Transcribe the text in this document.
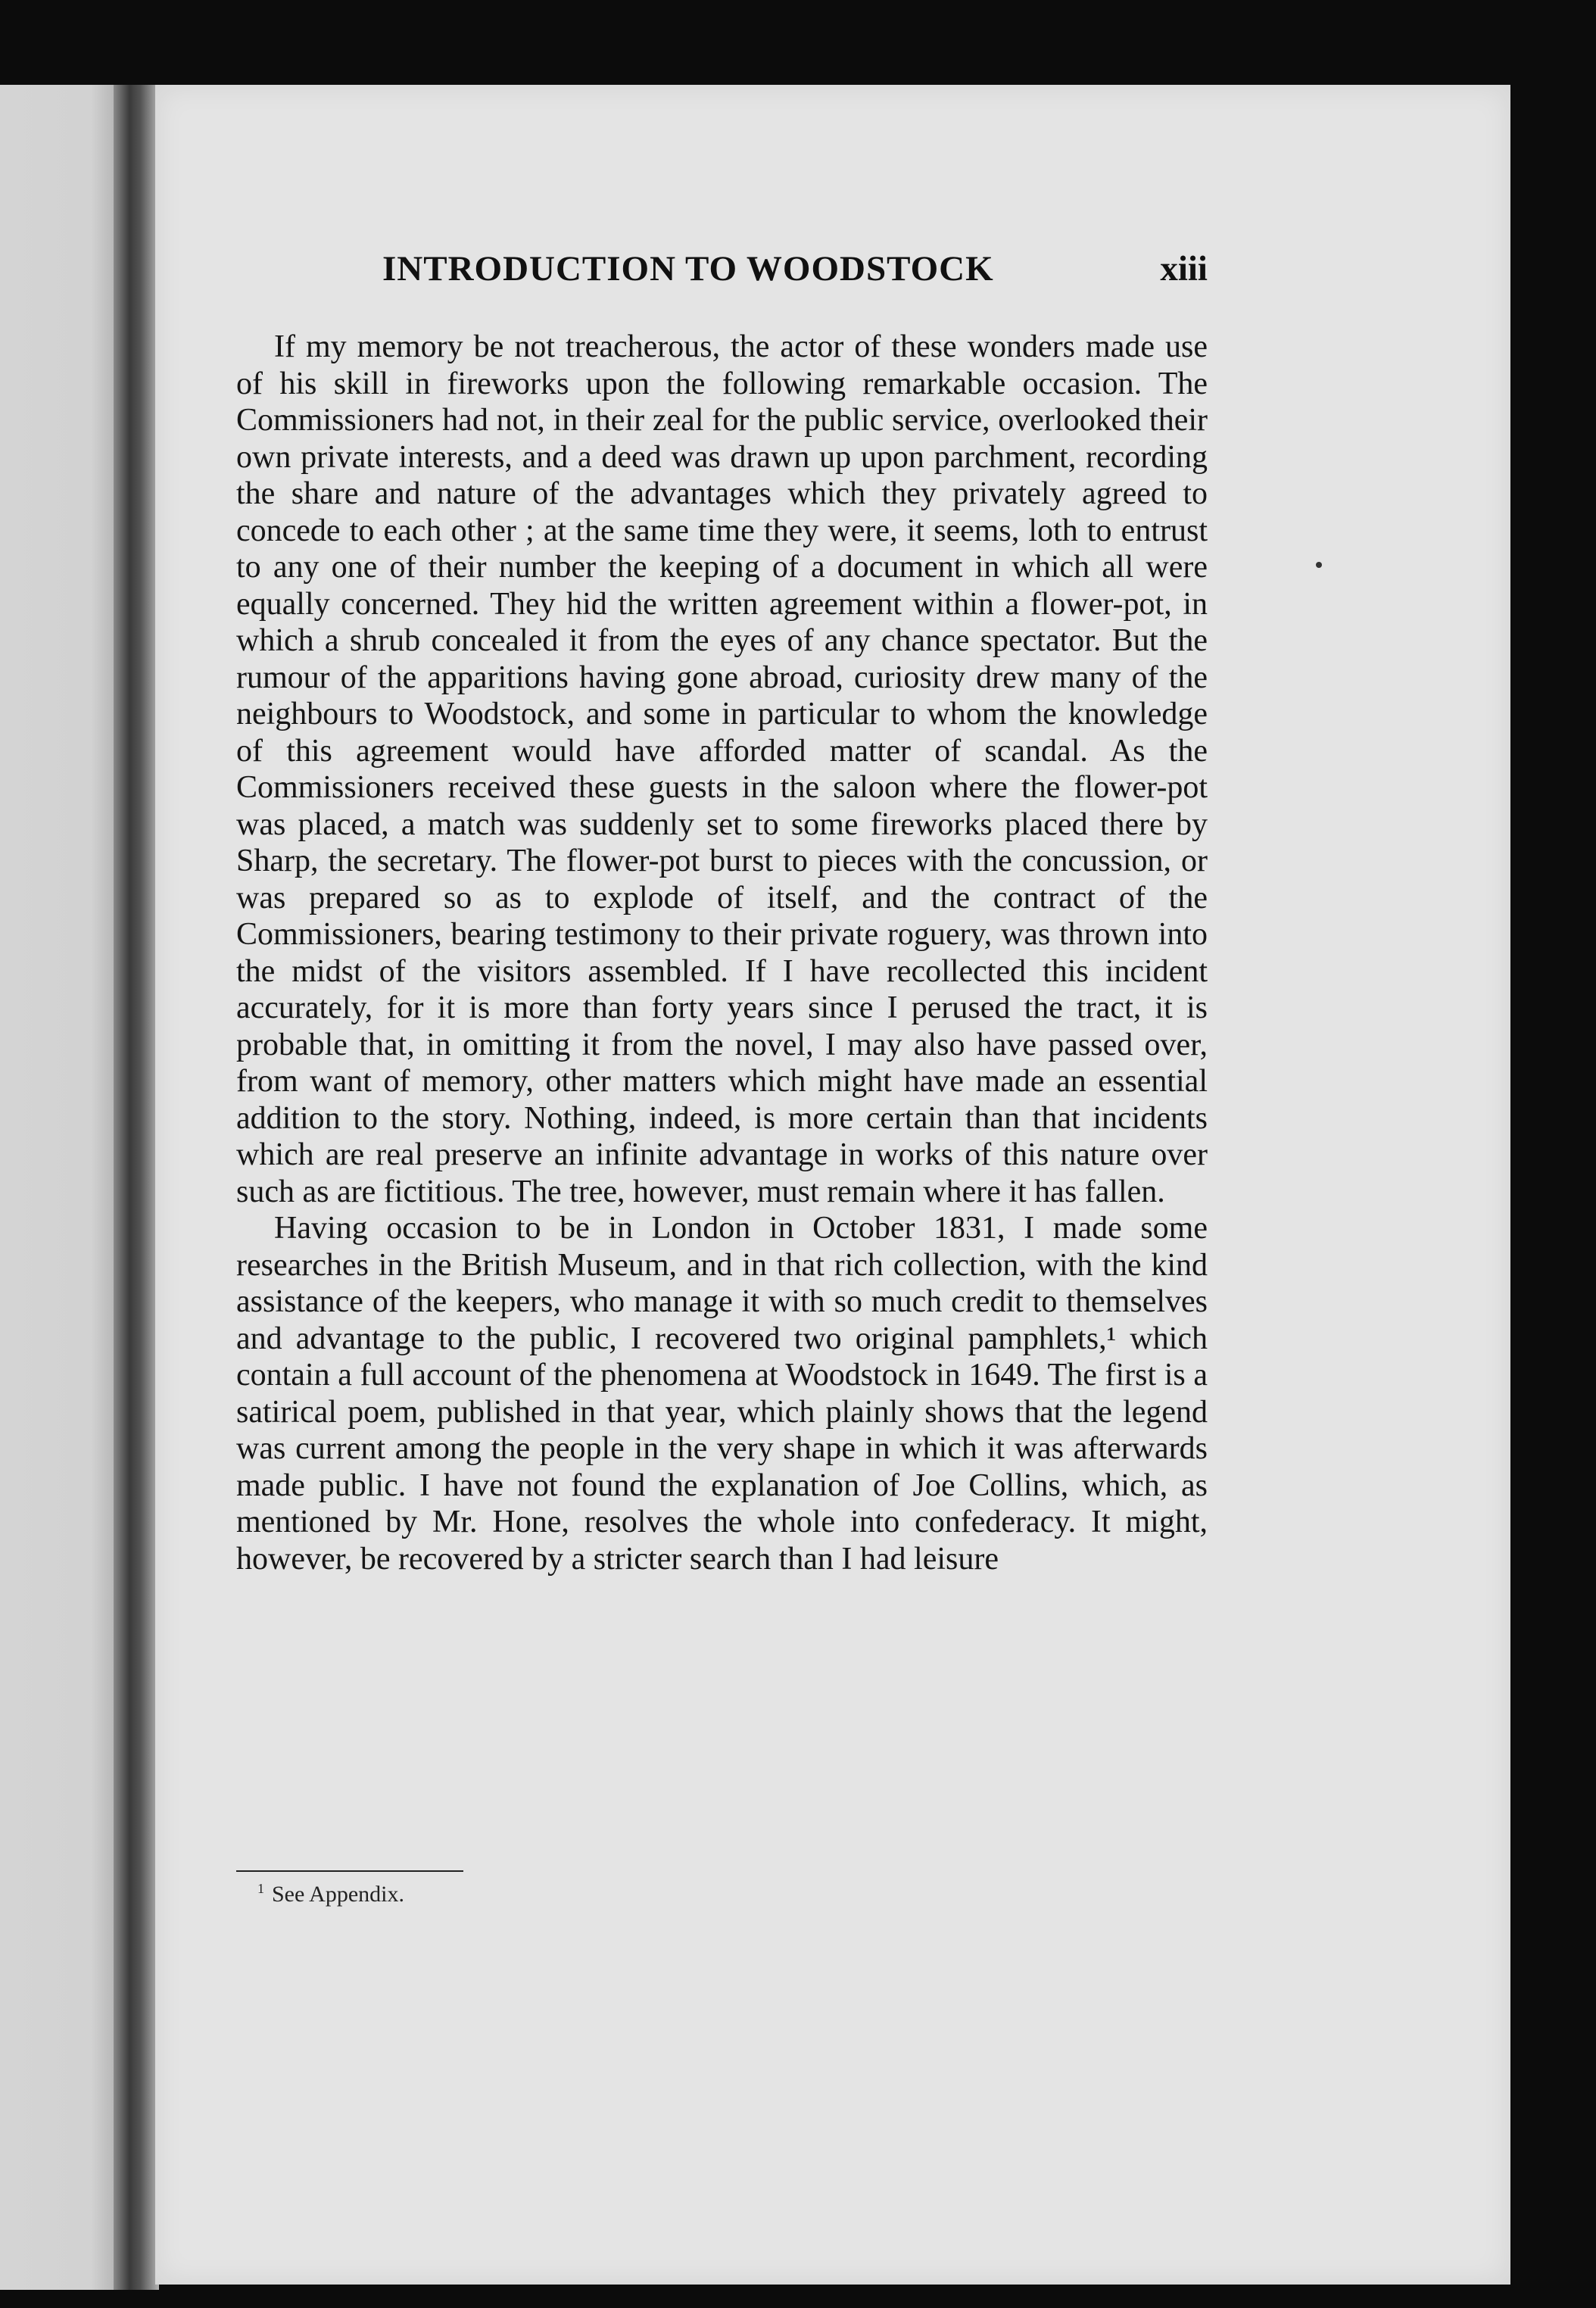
INTRODUCTION TO WOODSTOCK	xiii

If my memory be not treacherous, the actor of these wonders made use of his skill in fireworks upon the following remarkable occasion. The Commissioners had not, in their zeal for the public service, overlooked their own private interests, and a deed was drawn up upon parchment, recording the share and nature of the advantages which they privately agreed to concede to each other ; at the same time they were, it seems, loth to entrust to any one of their number the keeping of a document in which all were equally concerned. They hid the written agreement within a flower-pot, in which a shrub concealed it from the eyes of any chance spectator. But the rumour of the apparitions having gone abroad, curiosity drew many of the neighbours to Woodstock, and some in particular to whom the knowledge of this agreement would have afforded matter of scandal. As the Commissioners received these guests in the saloon where the flower-pot was placed, a match was suddenly set to some fireworks placed there by Sharp, the secretary. The flower-pot burst to pieces with the concussion, or was prepared so as to explode of itself, and the contract of the Commissioners, bearing testimony to their private roguery, was thrown into the midst of the visitors assembled. If I have recollected this incident accurately, for it is more than forty years since I perused the tract, it is probable that, in omitting it from the novel, I may also have passed over, from want of memory, other matters which might have made an essential addition to the story. Nothing, indeed, is more certain than that incidents which are real preserve an infinite advantage in works of this nature over such as are fictitious. The tree, however, must remain where it has fallen.

Having occasion to be in London in October 1831, I made some researches in the British Museum, and in that rich collection, with the kind assistance of the keepers, who manage it with so much credit to themselves and advantage to the public, I recovered two original pamphlets,¹ which contain a full account of the phenomena at Woodstock in 1649. The first is a satirical poem, published in that year, which plainly shows that the legend was current among the people in the very shape in which it was afterwards made public. I have not found the explanation of Joe Collins, which, as mentioned by Mr. Hone, resolves the whole into confederacy. It might, however, be recovered by a stricter search than I had leisure

$^1$ See Appendix.
